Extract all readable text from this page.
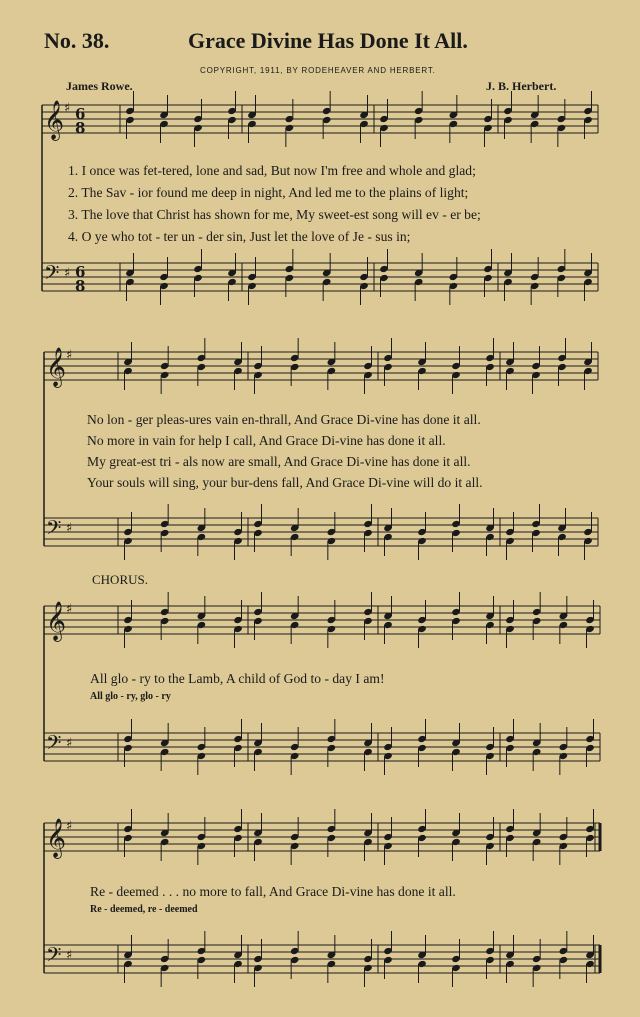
No. 38.	Grace Divine Has Done It All.
COPYRIGHT, 1911, BY RODEHEAVER AND HERBERT.
James Rowe.	J. B. Herbert.
𝄞 ♯ 6
8
𝄢 ♯ 6
8
𝄞 ♯
𝄢 ♯
𝄞 ♯
𝄢 ♯
𝄞 ♯
𝄢 ♯
1. I once was fet-tered, lone and sad, But now I'm free and whole and glad;
2. The Sav - ior found me deep in night, And led me to the plains of light;
3. The love that Christ has shown for me, My sweet-est song will ev - er be;
4. O ye who tot - ter un - der sin, Just let the love of Je - sus in;
No lon - ger pleas-ures vain en-thrall, And Grace Di-vine has done it all.
No more in vain for help I call, And Grace Di-vine has done it all.
My great-est tri - als now are small, And Grace Di-vine has done it all.
Your souls will sing, your bur-dens fall, And Grace Di-vine will do it all.
CHORUS.
All glo - ry to the Lamb, A child of God to - day I am!
All glo - ry, glo - ry
Re - deemed . . . no more to fall, And Grace Di-vine has done it all.
Re - deemed, re - deemed
